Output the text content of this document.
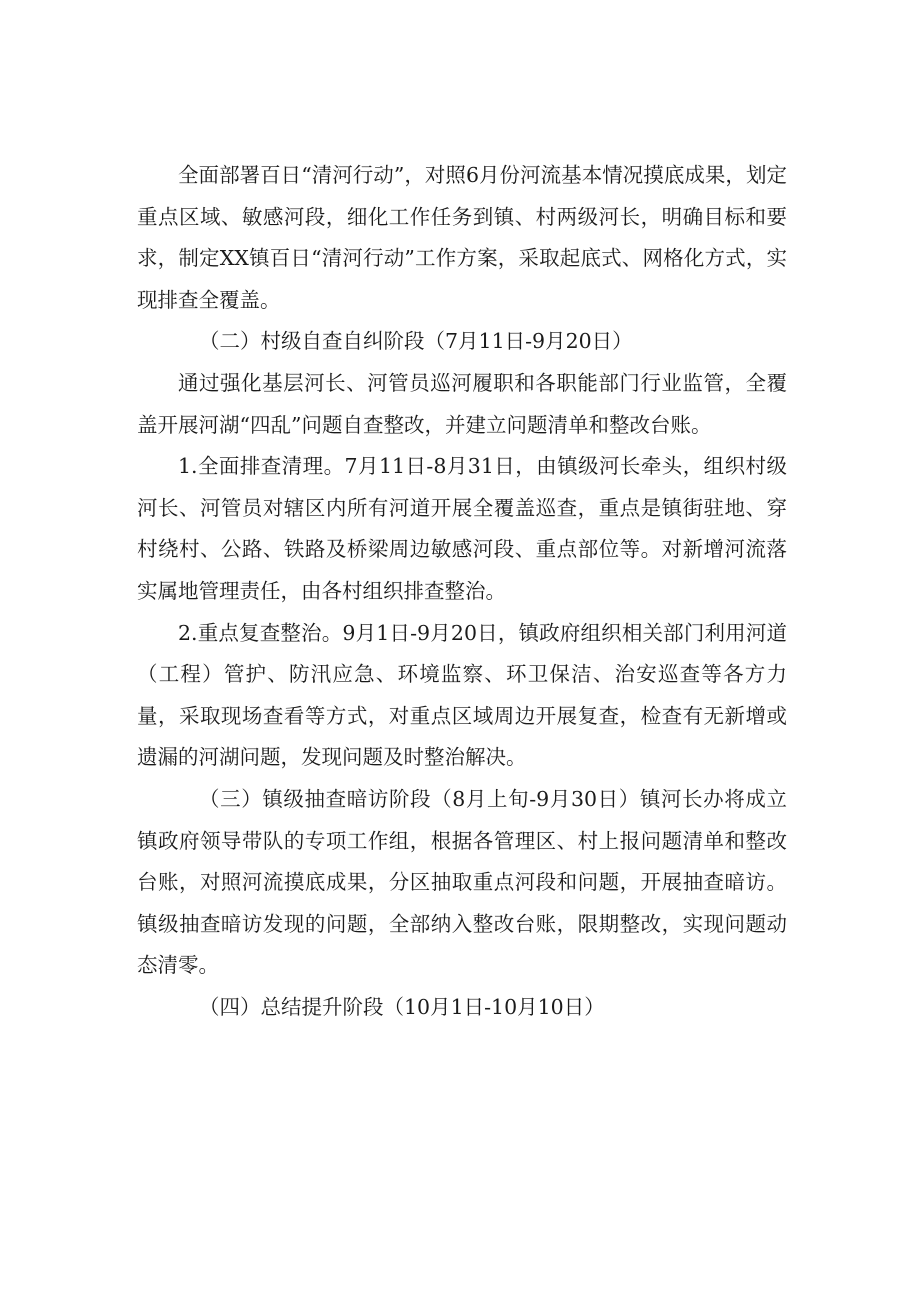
全面部署百日“清河行动”，对照6月份河流基本情况摸底成果，划定重点区域、敏感河段，细化工作任务到镇、村两级河长，明确目标和要求，制定XX镇百日“清河行动”工作方案，采取起底式、网格化方式，实现排查全覆盖。

（二）村级自查自纠阶段（7月11日-9月20日）

通过强化基层河长、河管员巡河履职和各职能部门行业监管，全覆盖开展河湖“四乱”问题自查整改，并建立问题清单和整改台账。

1.全面排查清理。7月11日-8月31日，由镇级河长牵头，组织村级河长、河管员对辖区内所有河道开展全覆盖巡查，重点是镇街驻地、穿村绕村、公路、铁路及桥梁周边敏感河段、重点部位等。对新增河流落实属地管理责任，由各村组织排查整治。

2.重点复查整治。9月1日-9月20日，镇政府组织相关部门利用河道（工程）管护、防汛应急、环境监察、环卫保洁、治安巡查等各方力量，采取现场查看等方式，对重点区域周边开展复查，检查有无新增或遗漏的河湖问题，发现问题及时整治解决。

（三）镇级抽查暗访阶段（8月上旬-9月30日）镇河长办将成立镇政府领导带队的专项工作组，根据各管理区、村上报问题清单和整改台账，对照河流摸底成果，分区抽取重点河段和问题，开展抽查暗访。镇级抽查暗访发现的问题，全部纳入整改台账，限期整改，实现问题动态清零。

（四）总结提升阶段（10月1日-10月10日）
